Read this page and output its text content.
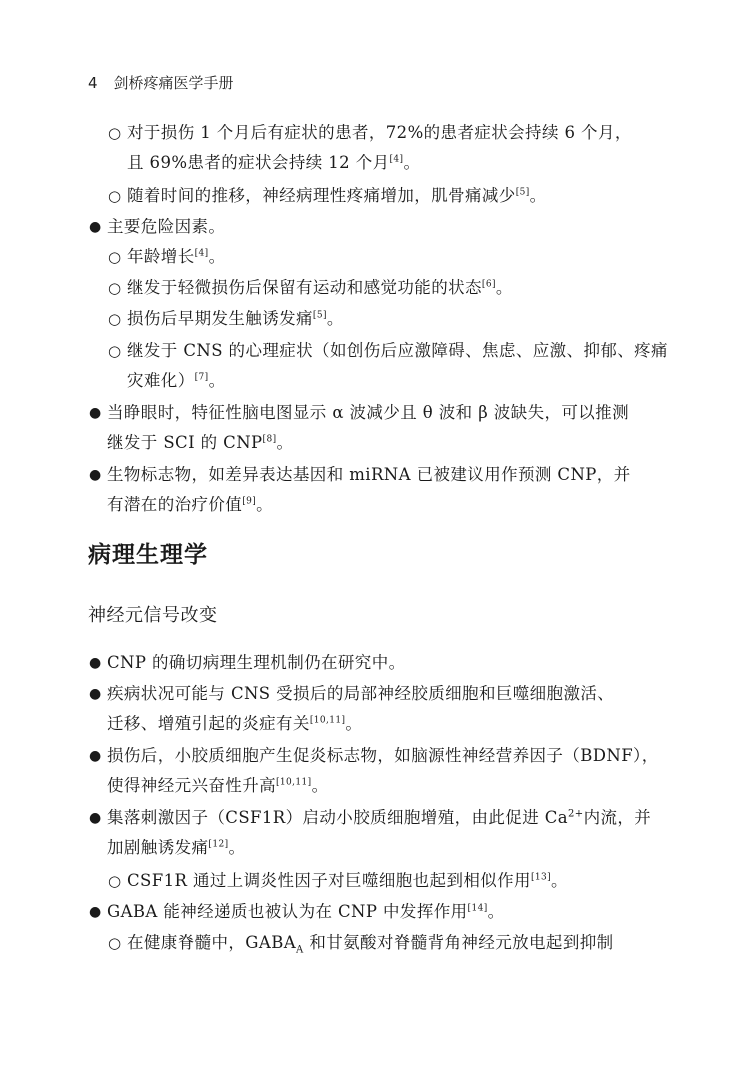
4 剑桥疼痛医学手册
○ 对于损伤 1 个月后有症状的患者，72%的患者症状会持续 6 个月，
且 69%患者的症状会持续 12 个月[4]。
○ 随着时间的推移，神经病理性疼痛增加，肌骨痛减少[5]。
● 主要危险因素。
○ 年龄增长[4]。
○ 继发于轻微损伤后保留有运动和感觉功能的状态[6]。
○ 损伤后早期发生触诱发痛[5]。
○ 继发于 CNS 的心理症状（如创伤后应激障碍、焦虑、应激、抑郁、疼痛
灾难化）[7]。
● 当睁眼时，特征性脑电图显示 α 波减少且 θ 波和 β 波缺失，可以推测
继发于 SCI 的 CNP[8]。
● 生物标志物，如差异表达基因和 miRNA 已被建议用作预测 CNP，并
有潜在的治疗价值[9]。
病理生理学
神经元信号改变
● CNP 的确切病理生理机制仍在研究中。
● 疾病状况可能与 CNS 受损后的局部神经胶质细胞和巨噬细胞激活、
迁移、增殖引起的炎症有关[10,11]。
● 损伤后，小胶质细胞产生促炎标志物，如脑源性神经营养因子（BDNF），
使得神经元兴奋性升高[10,11]。
● 集落刺激因子（CSF1R）启动小胶质细胞增殖，由此促进 $Ca^{2+}$内流，并
加剧触诱发痛[12]。
○ CSF1R 通过上调炎性因子对巨噬细胞也起到相似作用[13]。
● GABA 能神经递质也被认为在 CNP 中发挥作用[14]。
○ 在健康脊髓中，$GABA_A$ 和甘氨酸对脊髓背角神经元放电起到抑制
